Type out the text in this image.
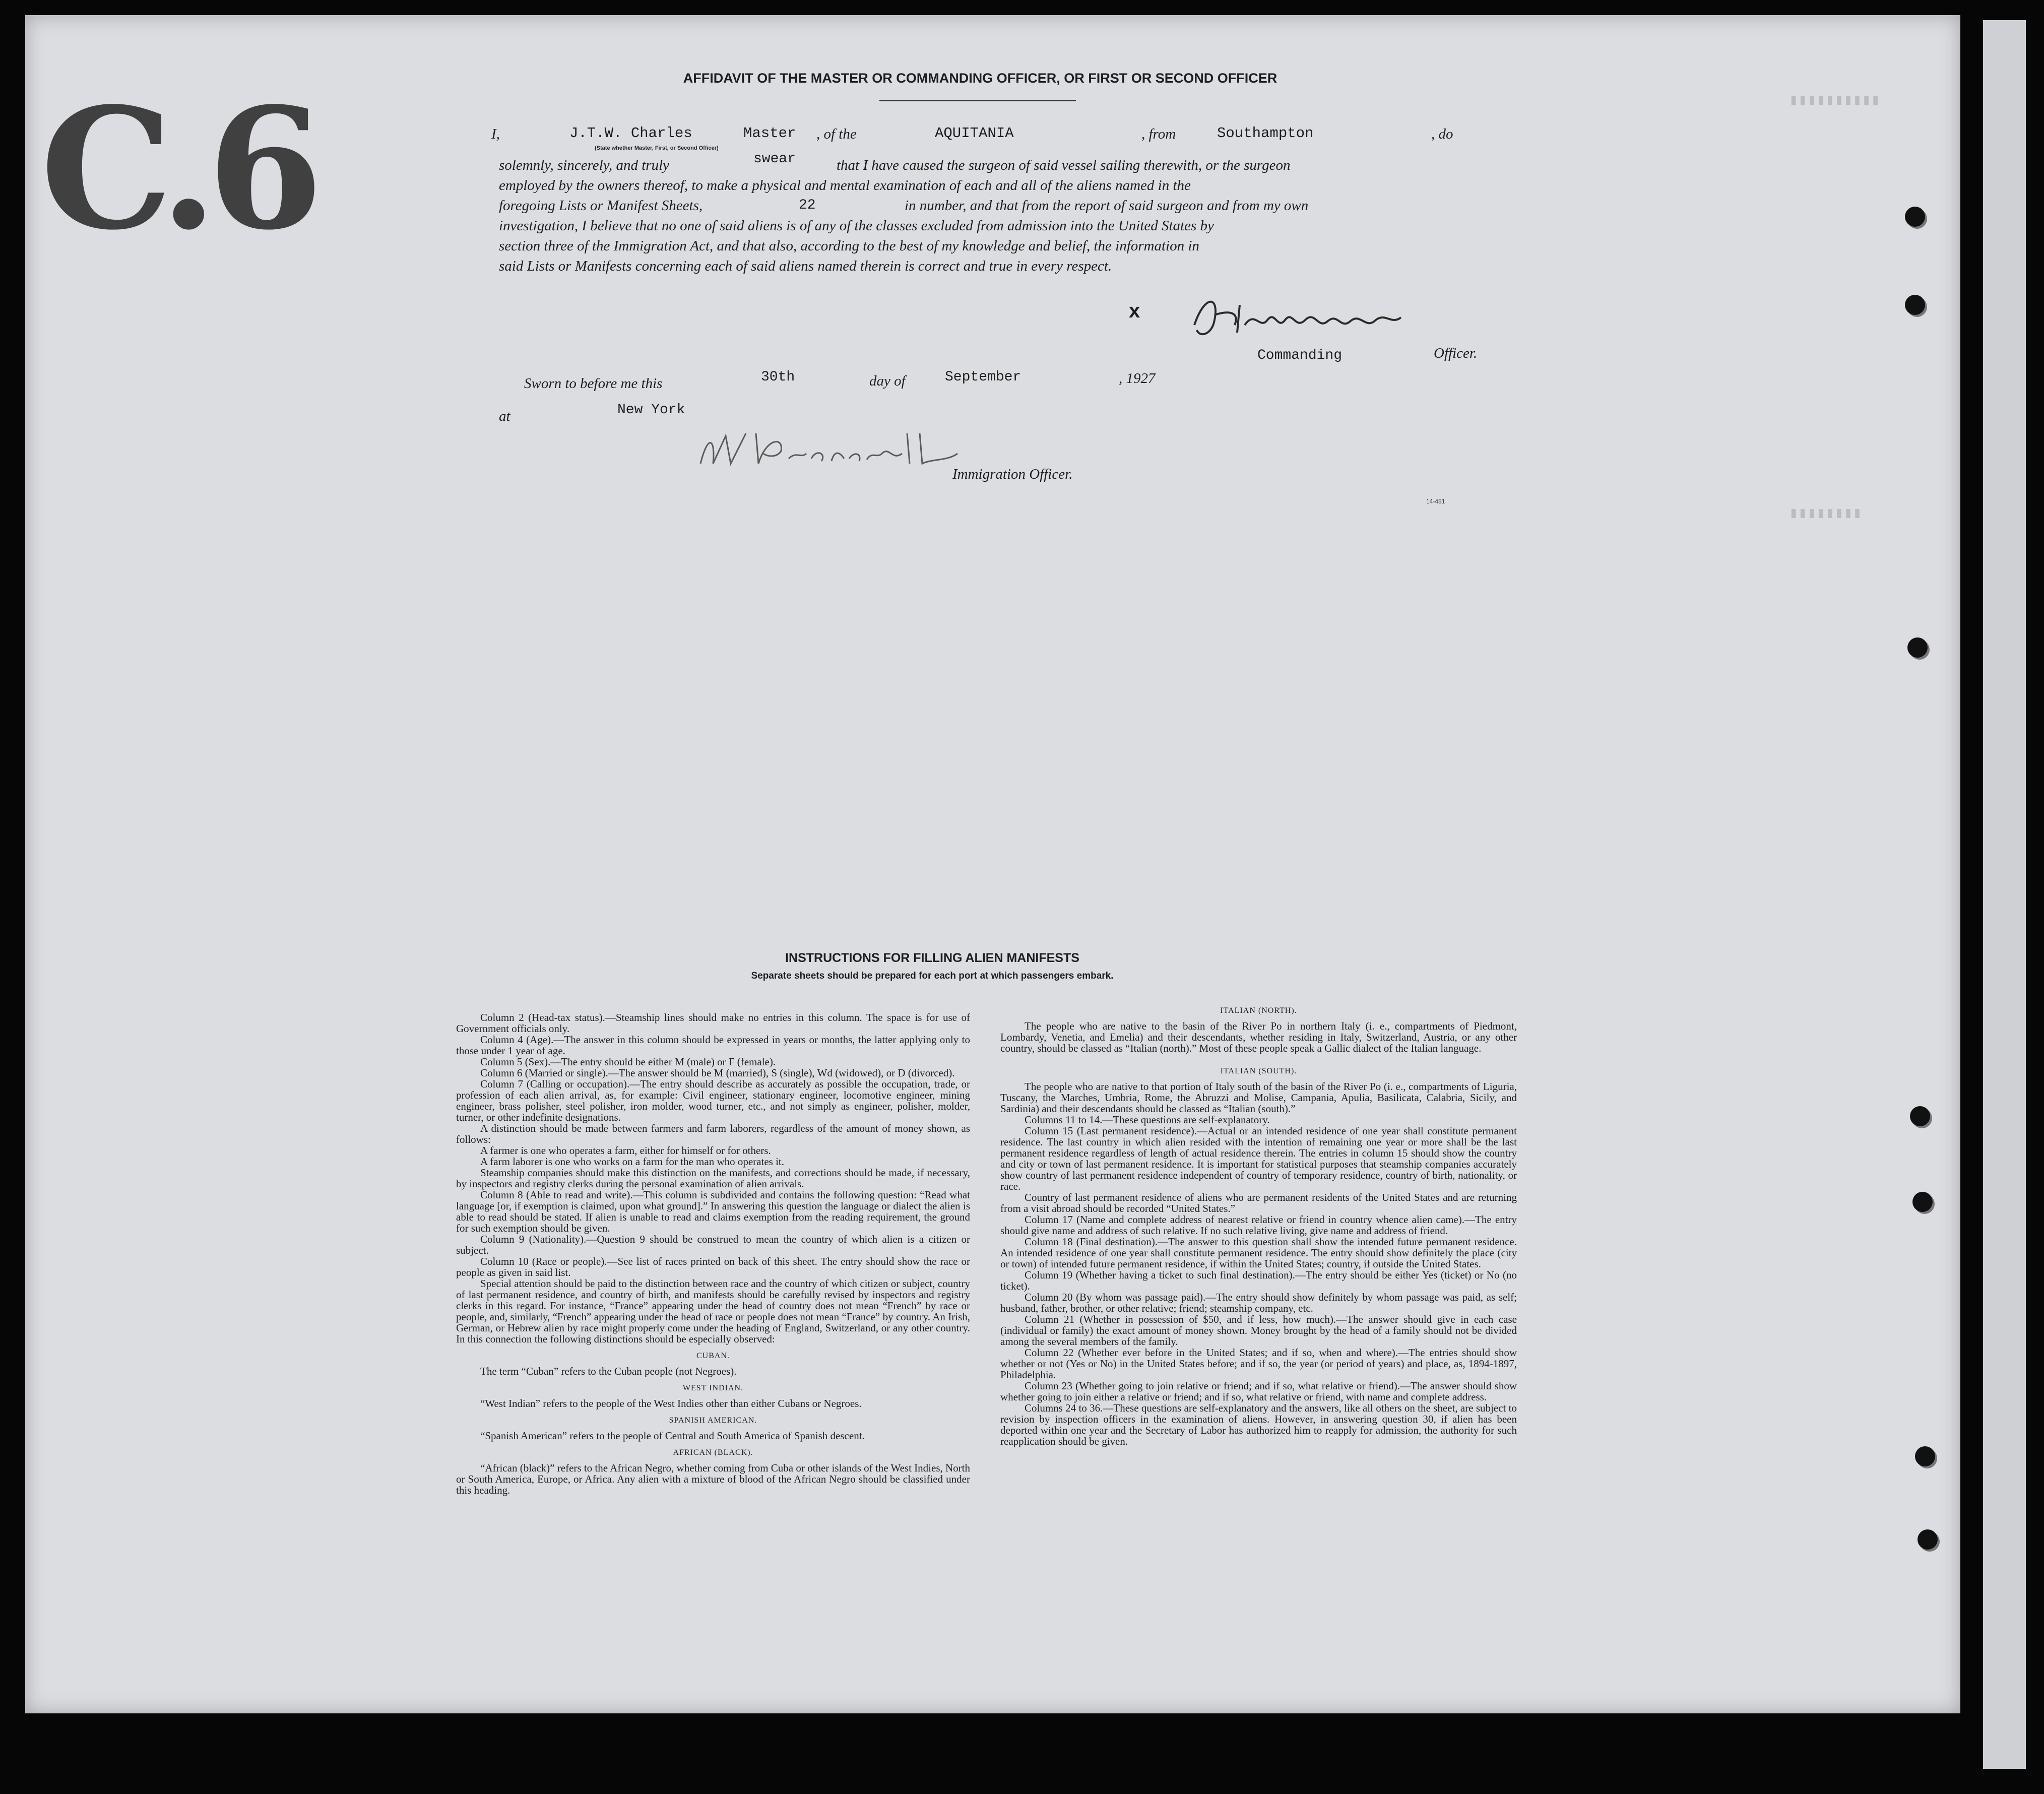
▮▮▮▮▮▮▮▮▮▮
▮▮▮▮▮▮▮▮
C.6	AFFIDAVIT OF THE MASTER OR COMMANDING OFFICER, OR FIRST OR SECOND OFFICER
I,	J.T.W. Charles	Master , of the	AQUITANIA	, from	Southampton	, do
(State whether Master, First, or Second Officer)
solemnly, sincerely, and truly	swear	that I have caused the surgeon of said vessel sailing therewith, or the surgeon
employed by the owners thereof, to make a physical and mental examination of each and all of the aliens named in the
foregoing Lists or Manifest Sheets,	22	in number, and that from the report of said surgeon and from my own
investigation, I believe that no one of said aliens is of any of the classes excluded from admission into the United States by
section three of the Immigration Act, and that also, according to the best of my knowledge and belief, the information in
said Lists or Manifests concerning each of said aliens named therein is correct and true in every respect.
x
Commanding	Officer.
Sworn to before me this	30th	day of	September	, 1927
at	New York
Immigration Officer.
14-451
INSTRUCTIONS FOR FILLING ALIEN MANIFESTS
Separate sheets should be prepared for each port at which passengers embark.

Column 2 (Head-tax status).—Steamship lines should make no entries in this column. The space is for use of Government officials only.

Column 4 (Age).—The answer in this column should be expressed in years or months, the latter applying only to those under 1 year of age.

Column 5 (Sex).—The entry should be either M (male) or F (female).

Column 6 (Married or single).—The answer should be M (married), S (single), Wd (widowed), or D (divorced).

Column 7 (Calling or occupation).—The entry should describe as accurately as possible the occupation, trade, or profession of each alien arrival, as, for example: Civil engineer, stationary engineer, locomotive engineer, mining engineer, brass polisher, steel polisher, iron molder, wood turner, etc., and not simply as engineer, polisher, molder, turner, or other indefinite designations.

A distinction should be made between farmers and farm laborers, regardless of the amount of money shown, as follows:

A farmer is one who operates a farm, either for himself or for others.

A farm laborer is one who works on a farm for the man who operates it.

Steamship companies should make this distinction on the manifests, and corrections should be made, if necessary, by inspectors and registry clerks during the personal examination of alien arrivals.

Column 8 (Able to read and write).—This column is subdivided and contains the following question: “Read what language [or, if exemption is claimed, upon what ground].” In answering this question the language or dialect the alien is able to read should be stated. If alien is unable to read and claims exemption from the reading requirement, the ground for such exemption should be given.

Column 9 (Nationality).—Question 9 should be construed to mean the country of which alien is a citizen or subject.

Column 10 (Race or people).—See list of races printed on back of this sheet. The entry should show the race or people as given in said list.

Special attention should be paid to the distinction between race and the country of which citizen or subject, country of last permanent residence, and country of birth, and manifests should be carefully revised by inspectors and registry clerks in this regard. For instance, “France” appearing under the head of country does not mean “French” by race or people, and, similarly, “French” appearing under the head of race or people does not mean “France” by country. An Irish, German, or Hebrew alien by race might properly come under the heading of England, Switzerland, or any other country. In this connection the following distinctions should be especially observed:

CUBAN.

The term “Cuban” refers to the Cuban people (not Negroes).

WEST INDIAN.

“West Indian” refers to the people of the West Indies other than either Cubans or Negroes.

SPANISH AMERICAN.

“Spanish American” refers to the people of Central and South America of Spanish descent.

AFRICAN (BLACK).

“African (black)” refers to the African Negro, whether coming from Cuba or other islands of the West Indies, North or South America, Europe, or Africa. Any alien with a mixture of blood of the African Negro should be classified under this heading.

ITALIAN (NORTH).

The people who are native to the basin of the River Po in northern Italy (i. e., compartments of Piedmont, Lombardy, Venetia, and Emelia) and their descendants, whether residing in Italy, Switzerland, Austria, or any other country, should be classed as “Italian (north).” Most of these people speak a Gallic dialect of the Italian language.

ITALIAN (SOUTH).

The people who are native to that portion of Italy south of the basin of the River Po (i. e., compartments of Liguria, Tuscany, the Marches, Umbria, Rome, the Abruzzi and Molise, Campania, Apulia, Basilicata, Calabria, Sicily, and Sardinia) and their descendants should be classed as “Italian (south).”

Columns 11 to 14.—These questions are self-explanatory.

Column 15 (Last permanent residence).—Actual or an intended residence of one year shall constitute permanent residence. The last country in which alien resided with the intention of remaining one year or more shall be the last permanent residence regardless of length of actual residence therein. The entries in column 15 should show the country and city or town of last permanent residence. It is important for statistical purposes that steamship companies accurately show country of last permanent residence independent of country of temporary residence, country of birth, nationality, or race.

Country of last permanent residence of aliens who are permanent residents of the United States and are returning from a visit abroad should be recorded “United States.”

Column 17 (Name and complete address of nearest relative or friend in country whence alien came).—The entry should give name and address of such relative. If no such relative living, give name and address of friend.

Column 18 (Final destination).—The answer to this question shall show the intended future permanent residence. An intended residence of one year shall constitute permanent residence. The entry should show definitely the place (city or town) of intended future permanent residence, if within the United States; country, if outside the United States.

Column 19 (Whether having a ticket to such final destination).—The entry should be either Yes (ticket) or No (no ticket).

Column 20 (By whom was passage paid).—The entry should show definitely by whom passage was paid, as self; husband, father, brother, or other relative; friend; steamship company, etc.

Column 21 (Whether in possession of $50, and if less, how much).—The answer should give in each case (individual or family) the exact amount of money shown. Money brought by the head of a family should not be divided among the several members of the family.

Column 22 (Whether ever before in the United States; and if so, when and where).—The entries should show whether or not (Yes or No) in the United States before; and if so, the year (or period of years) and place, as, 1894-1897, Philadelphia.

Column 23 (Whether going to join relative or friend; and if so, what relative or friend).—The answer should show whether going to join either a relative or friend; and if so, what relative or friend, with name and complete address.

Columns 24 to 36.—These questions are self-explanatory and the answers, like all others on the sheet, are subject to revision by inspection officers in the examination of aliens. However, in answering question 30, if alien has been deported within one year and the Secretary of Labor has authorized him to reapply for admission, the authority for such reapplication should be given.
